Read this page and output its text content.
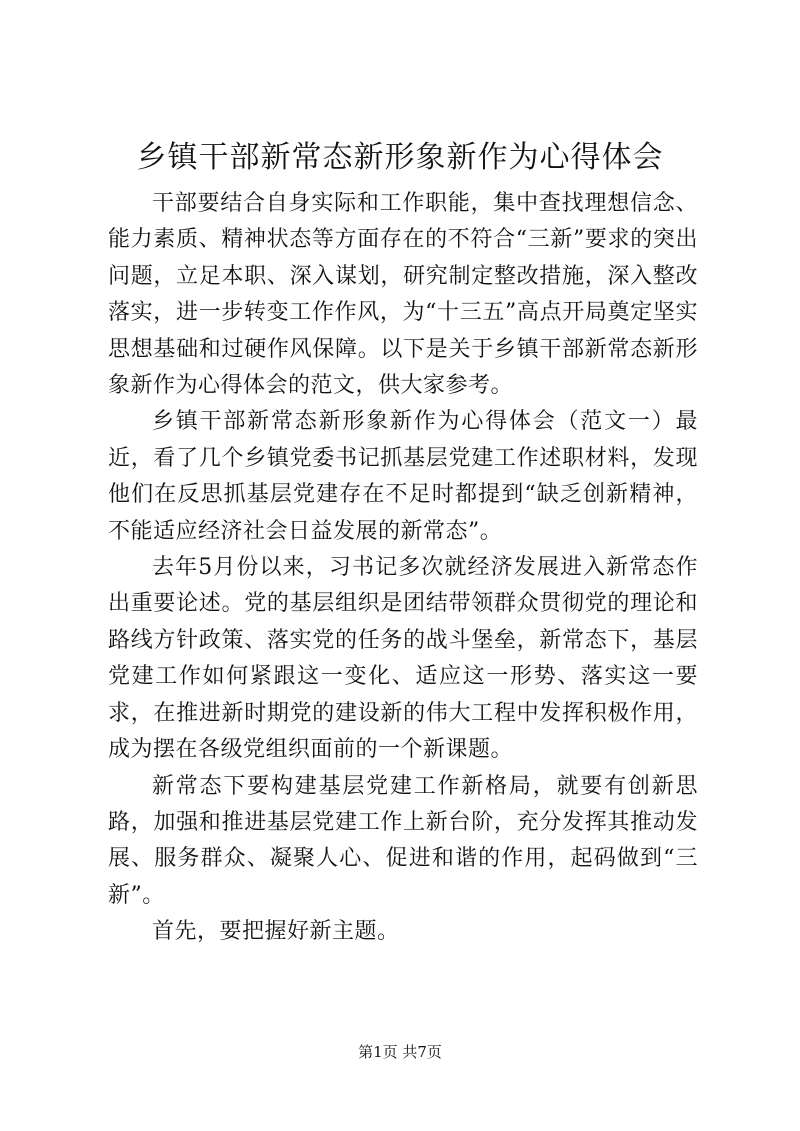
乡镇干部新常态新形象新作为心得体会

干部要结合自身实际和工作职能，集中查找理想信念、能力素质、精神状态等方面存在的不符合“三新”要求的突出问题，立足本职、深入谋划，研究制定整改措施，深入整改落实，进一步转变工作作风，为“十三五”高点开局奠定坚实思想基础和过硬作风保障。以下是关于乡镇干部新常态新形象新作为心得体会的范文，供大家参考。

乡镇干部新常态新形象新作为心得体会（范文一）最近，看了几个乡镇党委书记抓基层党建工作述职材料，发现他们在反思抓基层党建存在不足时都提到“缺乏创新精神，不能适应经济社会日益发展的新常态”。

去年5月份以来，习书记多次就经济发展进入新常态作出重要论述。党的基层组织是团结带领群众贯彻党的理论和路线方针政策、落实党的任务的战斗堡垒，新常态下，基层党建工作如何紧跟这一变化、适应这一形势、落实这一要求，在推进新时期党的建设新的伟大工程中发挥积极作用，成为摆在各级党组织面前的一个新课题。

新常态下要构建基层党建工作新格局，就要有创新思路，加强和推进基层党建工作上新台阶，充分发挥其推动发展、服务群众、凝聚人心、促进和谐的作用，起码做到“三新”。

首先，要把握好新主题。

第1页 共7页
